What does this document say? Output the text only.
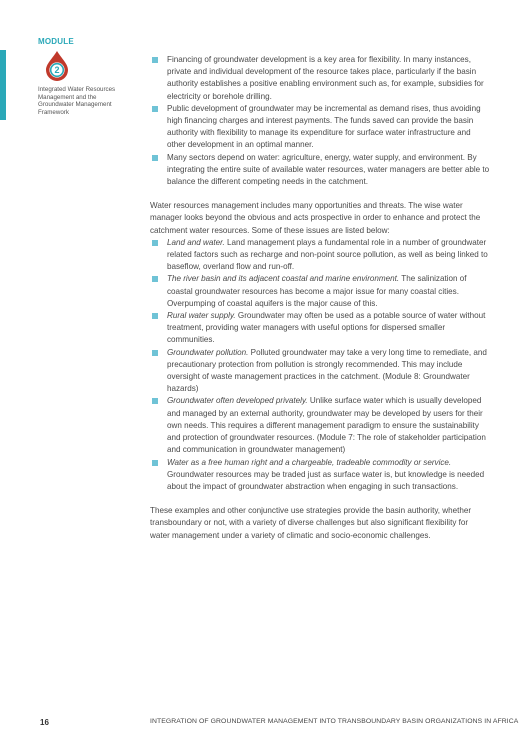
MODULE
2
Integrated Water Resources Management and the Groundwater Management Framework
Financing of groundwater development is a key area for flexibility. In many instances, private and individual development of the resource takes place, particularly if the basin authority establishes a positive enabling environment such as, for example, subsidies for electricity or borehole drilling.
Public development of groundwater may be incremental as demand rises, thus avoiding high financing charges and interest payments. The funds saved can provide the basin authority with flexibility to manage its expenditure for surface water infrastructure and other development in an optimal manner.
Many sectors depend on water: agriculture, energy, water supply, and environment. By integrating the entire suite of available water resources, water managers are better able to balance the different competing needs in the catchment.

Water resources management includes many opportunities and threats. The wise water manager looks beyond the obvious and acts prospective in order to enhance and protect the catchment water resources. Some of these issues are listed below:

Land and water. Land management plays a fundamental role in a number of groundwater related factors such as recharge and non-point source pollution, as well as being linked to baseflow, overland flow and run-off.
The river basin and its adjacent coastal and marine environment. The salinization of coastal groundwater resources has become a major issue for many coastal cities. Overpumping of coastal aquifers is the major cause of this.
Rural water supply. Groundwater may often be used as a potable source of water without treatment, providing water managers with useful options for dispersed smaller communities.
Groundwater pollution. Polluted groundwater may take a very long time to remediate, and precautionary protection from pollution is strongly recommended. This may include oversight of waste management practices in the catchment. (Module 8: Groundwater hazards)
Groundwater often developed privately. Unlike surface water which is usually developed and managed by an external authority, groundwater may be developed by users for their own needs. This requires a different management paradigm to ensure the sustainability and protection of groundwater resources. (Module 7: The role of stakeholder participation and communication in groundwater management)
Water as a free human right and a chargeable, tradeable commodity or service. Groundwater resources may be traded just as surface water is, but knowledge is needed about the impact of groundwater abstraction when engaging in such transactions.

These examples and other conjunctive use strategies provide the basin authority, whether transboundary or not, with a variety of diverse challenges but also significant flexibility for water management under a variety of climatic and socio-economic challenges.

16	INTEGRATION OF GROUNDWATER MANAGEMENT INTO TRANSBOUNDARY BASIN ORGANIZATIONS IN AFRICA
